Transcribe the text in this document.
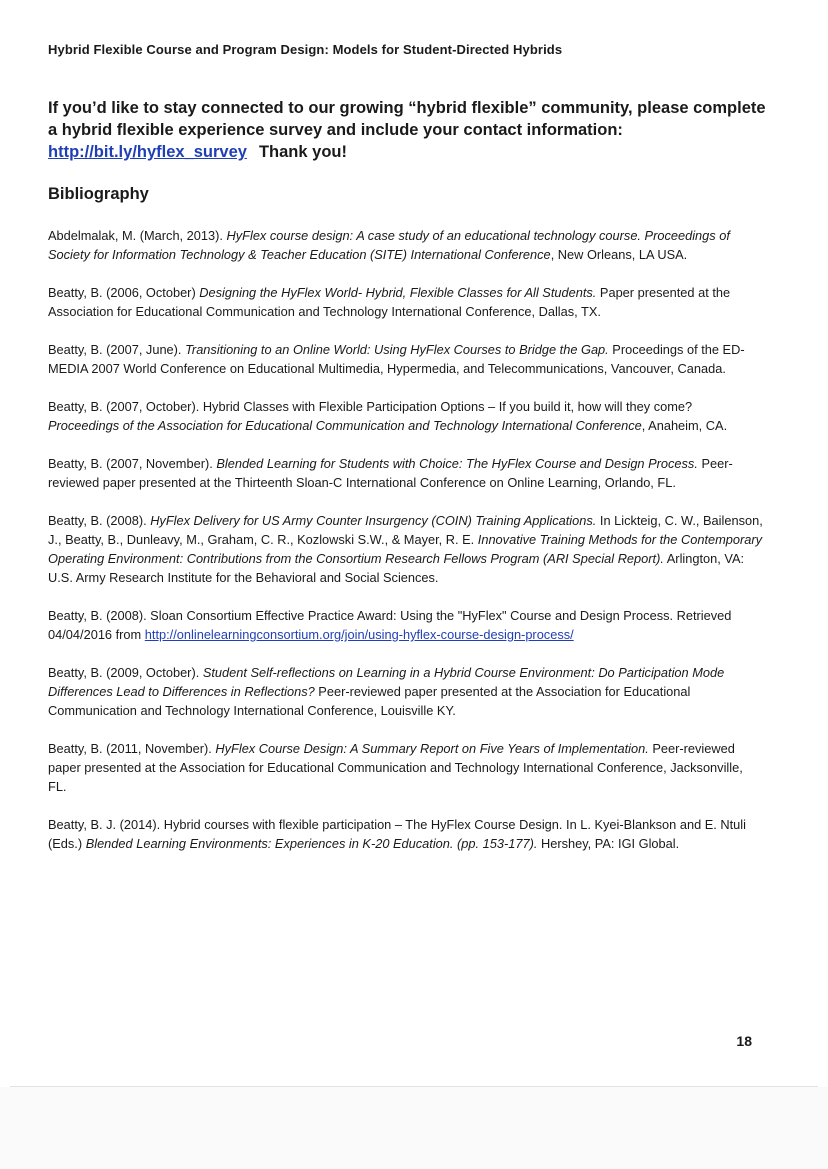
Hybrid Flexible Course and Program Design: Models for Student-Directed Hybrids
If you’d like to stay connected to our growing “hybrid flexible” community, please complete a hybrid flexible experience survey and include your contact information: http://bit.ly/hyflex_survey Thank you!
Bibliography

Abdelmalak, M. (March, 2013). HyFlex course design: A case study of an educational technology course. Proceedings of Society for Information Technology & Teacher Education (SITE) International Conference, New Orleans, LA USA.

Beatty, B. (2006, October) Designing the HyFlex World- Hybrid, Flexible Classes for All Students. Paper presented at the Association for Educational Communication and Technology International Conference, Dallas, TX.

Beatty, B. (2007, June). Transitioning to an Online World: Using HyFlex Courses to Bridge the Gap. Proceedings of the ED-MEDIA 2007 World Conference on Educational Multimedia, Hypermedia, and Telecommunications, Vancouver, Canada.

Beatty, B. (2007, October). Hybrid Classes with Flexible Participation Options – If you build it, how will they come? Proceedings of the Association for Educational Communication and Technology International Conference, Anaheim, CA.

Beatty, B. (2007, November). Blended Learning for Students with Choice: The HyFlex Course and Design Process. Peer-reviewed paper presented at the Thirteenth Sloan-C International Conference on Online Learning, Orlando, FL.

Beatty, B. (2008). HyFlex Delivery for US Army Counter Insurgency (COIN) Training Applications. In Lickteig, C. W., Bailenson, J., Beatty, B., Dunleavy, M., Graham, C. R., Kozlowski S.W., & Mayer, R. E. Innovative Training Methods for the Contemporary Operating Environment: Contributions from the Consortium Research Fellows Program (ARI Special Report). Arlington, VA: U.S. Army Research Institute for the Behavioral and Social Sciences.

Beatty, B. (2008). Sloan Consortium Effective Practice Award: Using the "HyFlex" Course and Design Process. Retrieved 04/04/2016 from http://onlinelearningconsortium.org/join/using-hyflex-course-design-process/

Beatty, B. (2009, October). Student Self-reflections on Learning in a Hybrid Course Environment: Do Participation Mode Differences Lead to Differences in Reflections? Peer-reviewed paper presented at the Association for Educational Communication and Technology International Conference, Louisville KY.

Beatty, B. (2011, November). HyFlex Course Design: A Summary Report on Five Years of Implementation. Peer-reviewed paper presented at the Association for Educational Communication and Technology International Conference, Jacksonville, FL.

Beatty, B. J. (2014). Hybrid courses with flexible participation – The HyFlex Course Design. In L. Kyei-Blankson and E. Ntuli (Eds.) Blended Learning Environments: Experiences in K-20 Education. (pp. 153-177). Hershey, PA: IGI Global.

18
